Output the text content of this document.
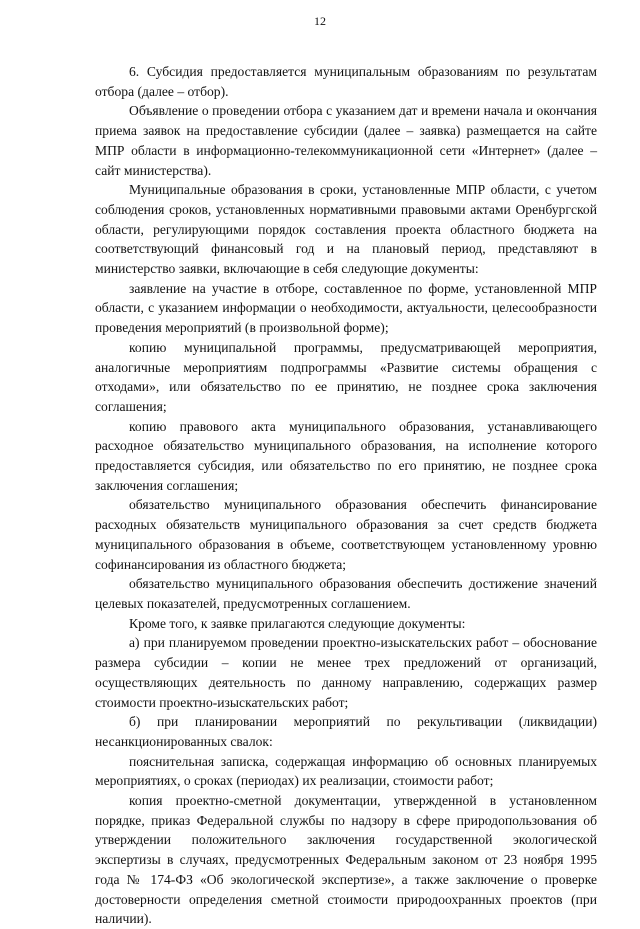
12

6. Субсидия предоставляется муниципальным образованиям по результатам отбора (далее – отбор).

Объявление о проведении отбора с указанием дат и времени начала и окончания приема заявок на предоставление субсидии (далее – заявка) размещается на сайте МПР области в информационно-телекоммуникационной сети «Интернет» (далее – сайт министерства).

Муниципальные образования в сроки, установленные МПР области, с учетом соблюдения сроков, установленных нормативными правовыми актами Оренбургской области, регулирующими порядок составления проекта областного бюджета на соответствующий финансовый год и на плановый период, представляют в министерство заявки, включающие в себя следующие документы:

заявление на участие в отборе, составленное по форме, установленной МПР области, с указанием информации о необходимости, актуальности, целесообразности проведения мероприятий (в произвольной форме);

копию муниципальной программы, предусматривающей мероприятия, аналогичные мероприятиям подпрограммы «Развитие системы обращения с отходами», или обязательство по ее принятию, не позднее срока заключения соглашения;

копию правового акта муниципального образования, устанавливающего расходное обязательство муниципального образования, на исполнение которого предоставляется субсидия, или обязательство по его принятию, не позднее срока заключения соглашения;

обязательство муниципального образования обеспечить финансирование расходных обязательств муниципального образования за счет средств бюджета муниципального образования в объеме, соответствующем установленному уровню софинансирования из областного бюджета;

обязательство муниципального образования обеспечить достижение значений целевых показателей, предусмотренных соглашением.

Кроме того, к заявке прилагаются следующие документы:

а) при планируемом проведении проектно-изыскательских работ – обоснование размера субсидии – копии не менее трех предложений от организаций, осуществляющих деятельность по данному направлению, содержащих размер стоимости проектно-изыскательских работ;

б) при планировании мероприятий по рекультивации (ликвидации) несанкционированных свалок:

пояснительная записка, содержащая информацию об основных планируемых мероприятиях, о сроках (периодах) их реализации, стоимости работ;

копия проектно-сметной документации, утвержденной в установленном порядке, приказ Федеральной службы по надзору в сфере природопользования об утверждении положительного заключения государственной экологической экспертизы в случаях, предусмотренных Федеральным законом от 23 ноября 1995 года № 174-ФЗ «Об экологической экспертизе», а также заключение о проверке достоверности определения сметной стоимости природоохранных проектов (при наличии).
